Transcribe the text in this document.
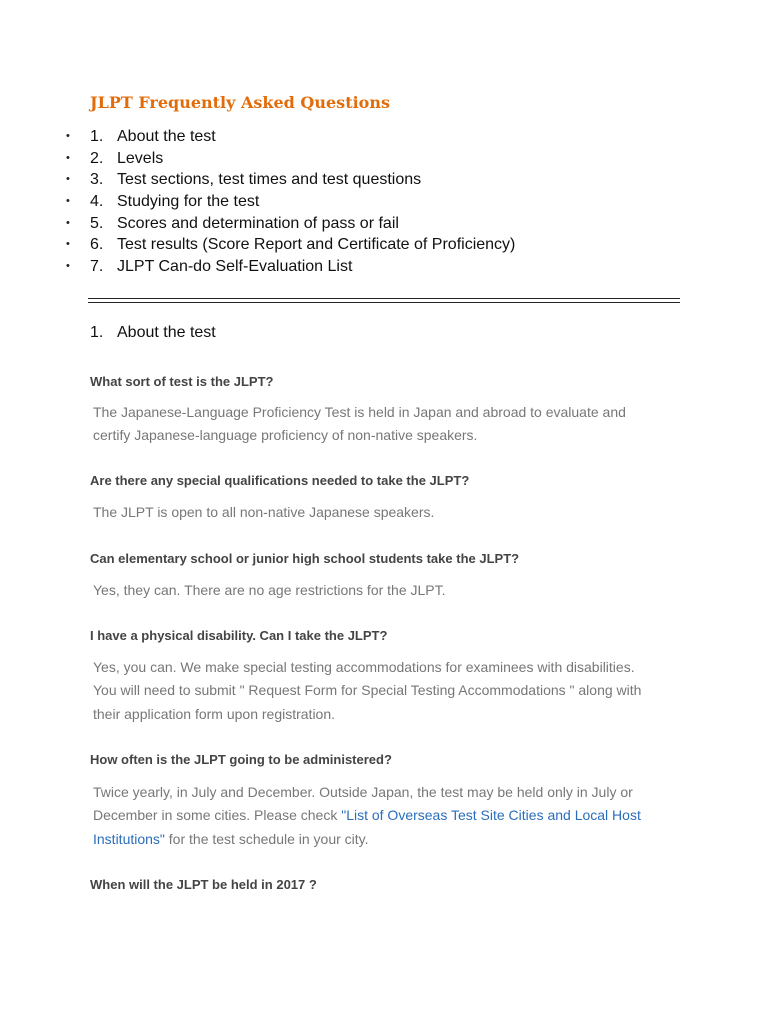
JLPT Frequently Asked Questions
• 1. About the test
• 2. Levels
• 3. Test sections, test times and test questions
• 4. Studying for the test
• 5. Scores and determination of pass or fail
• 6. Test results (Score Report and Certificate of Proficiency)
• 7. JLPT Can-do Self-Evaluation List
1. About the test

What sort of test is the JLPT?

The Japanese-Language Proficiency Test is held in Japan and abroad to evaluate and
certify Japanese-language proficiency of non-native speakers.

Are there any special qualifications needed to take the JLPT?

The JLPT is open to all non-native Japanese speakers.

Can elementary school or junior high school students take the JLPT?

Yes, they can. There are no age restrictions for the JLPT.

I have a physical disability. Can I take the JLPT?

Yes, you can. We make special testing accommodations for examinees with disabilities.
You will need to submit " Request Form for Special Testing Accommodations " along with
their application form upon registration.

How often is the JLPT going to be administered?

Twice yearly, in July and December. Outside Japan, the test may be held only in July or
December in some cities. Please check "List of Overseas Test Site Cities and Local Host
Institutions" for the test schedule in your city.

When will the JLPT be held in 2017 ?
